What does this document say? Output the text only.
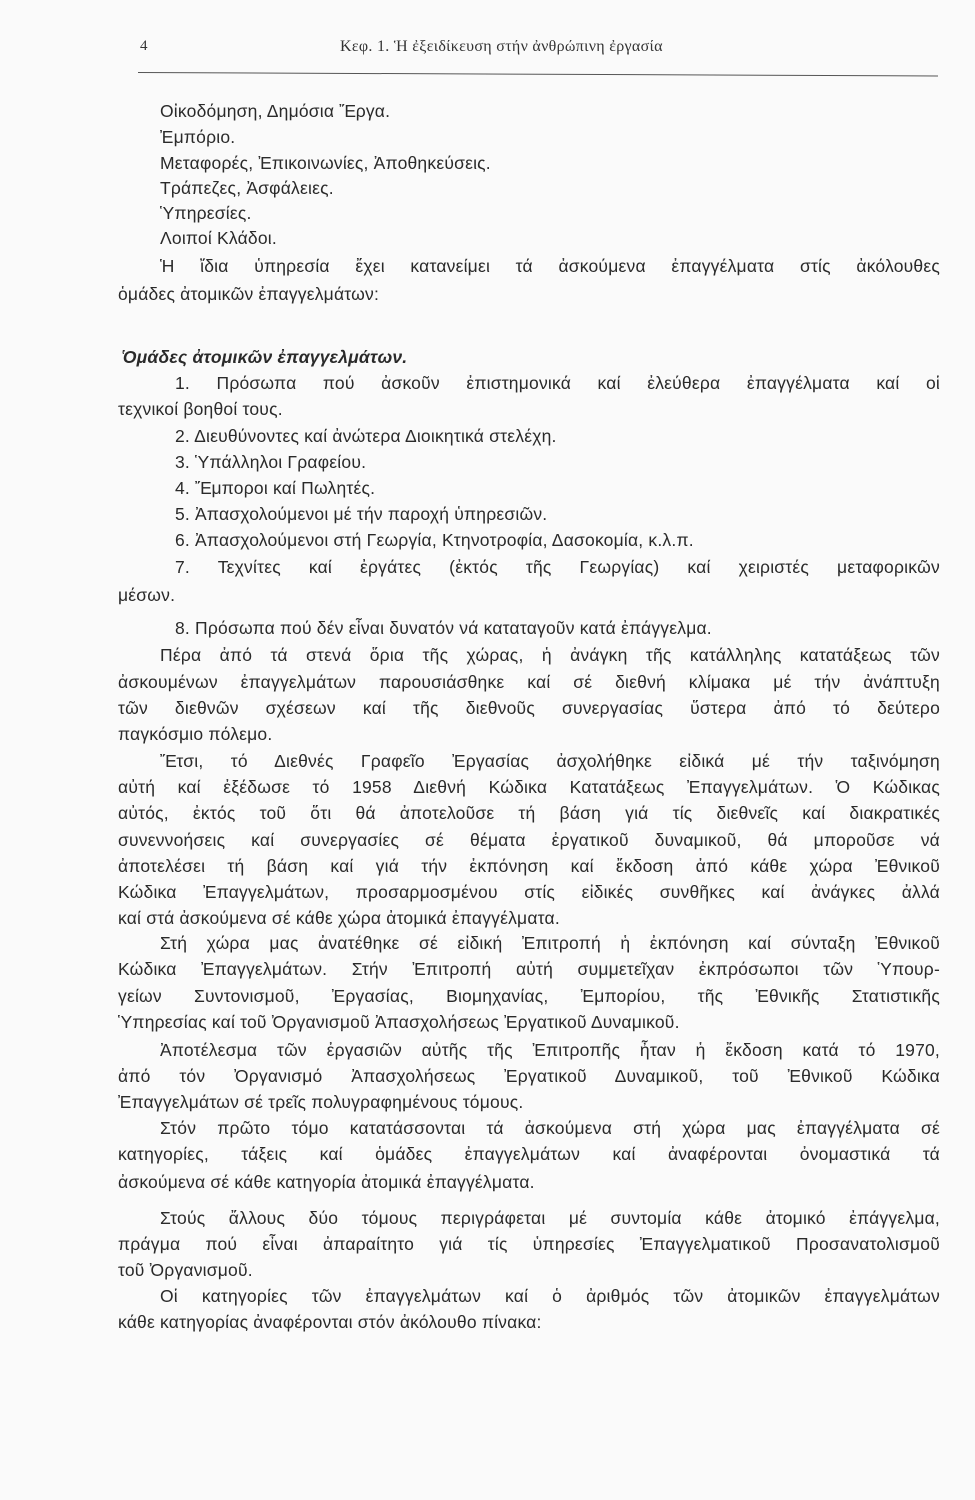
4	Κεφ. 1. Ἡ ἐξειδίκευση στήν ἀνθρώπινη ἐργασία
Οἰκοδόμηση, Δημόσια Ἔργα.
Ἐμπόριο.
Μεταφορές, Ἐπικοινωνίες, Ἀποθηκεύσεις.
Τράπεζες, Ἀσφάλειες.
Ὑπηρεσίες.
Λοιποί Κλάδοι.
Ἡ ἴδια ὑπηρεσία ἔχει κατανείμει τά ἀσκούμενα ἐπαγγέλματα στίς ἀκόλουθες
ὁμάδες ἀτομικῶν ἐπαγγελμάτων:
Ὁμάδες ἀτομικῶν ἐπαγγελμάτων.
1. Πρόσωπα πού ἀσκοῦν ἐπιστημονικά καί ἐλεύθερα ἐπαγγέλματα καί οἱ
τεχνικοί βοηθοί τους.
2. Διευθύνοντες καί ἀνώτερα Διοικητικά στελέχη.
3. Ὑπάλληλοι Γραφείου.
4. Ἔμποροι καί Πωλητές.
5. Ἀπασχολούμενοι μέ τήν παροχή ὑπηρεσιῶν.
6. Ἀπασχολούμενοι στή Γεωργία, Κτηνοτροφία, Δασοκομία, κ.λ.π.
7. Τεχνίτες καί ἐργάτες (ἐκτός τῆς Γεωργίας) καί χειριστές μεταφορικῶν
μέσων.
8. Πρόσωπα πού δέν εἶναι δυνατόν νά καταταγοῦν κατά ἐπάγγελμα.
Πέρα ἀπό τά στενά ὅρια τῆς χώρας, ἡ ἀνάγκη τῆς κατάλληλης κατατάξεως τῶν
ἀσκουμένων ἐπαγγελμάτων παρουσιάσθηκε καί σέ διεθνή κλίμακα μέ τήν ἀνάπτυξη
τῶν διεθνῶν σχέσεων καί τῆς διεθνοῦς συνεργασίας ὕστερα ἀπό τό δεύτερο
παγκόσμιο πόλεμο.
Ἔτσι, τό Διεθνές Γραφεῖο Ἐργασίας ἀσχολήθηκε εἰδικά μέ τήν ταξινόμηση
αὐτή καί ἐξέδωσε τό 1958 Διεθνή Κώδικα Κατατάξεως Ἐπαγγελμάτων. Ὁ Κώδικας
αὐτός, ἐκτός τοῦ ὅτι θά ἀποτελοῦσε τή βάση γιά τίς διεθνεῖς καί διακρατικές
συνεννοήσεις καί συνεργασίες σέ θέματα ἐργατικοῦ δυναμικοῦ, θά μποροῦσε νά
ἀποτελέσει τή βάση καί γιά τήν ἐκπόνηση καί ἔκδοση ἀπό κάθε χώρα Ἐθνικοῦ
Κώδικα Ἐπαγγελμάτων, προσαρμοσμένου στίς εἰδικές συνθῆκες καί ἀνάγκες ἀλλά
καί στά ἀσκούμενα σέ κάθε χώρα ἀτομικά ἐπαγγέλματα.
Στή χώρα μας ἀνατέθηκε σέ εἰδική Ἐπιτροπή ἡ ἐκπόνηση καί σύνταξη Ἐθνικοῦ
Κώδικα Ἐπαγγελμάτων. Στήν Ἐπιτροπή αὐτή συμμετεῖχαν ἐκπρόσωποι τῶν Ὑπουρ-
γείων Συντονισμοῦ, Ἐργασίας, Βιομηχανίας, Ἐμπορίου, τῆς Ἐθνικῆς Στατιστικῆς
Ὑπηρεσίας καί τοῦ Ὀργανισμοῦ Ἀπασχολήσεως Ἐργατικοῦ Δυναμικοῦ.
Ἀποτέλεσμα τῶν ἐργασιῶν αὐτῆς τῆς Ἐπιτροπῆς ἦταν ἡ ἔκδοση κατά τό 1970,
ἀπό τόν Ὀργανισμό Ἀπασχολήσεως Ἐργατικοῦ Δυναμικοῦ, τοῦ Ἐθνικοῦ Κώδικα
Ἐπαγγελμάτων σέ τρεῖς πολυγραφημένους τόμους.
Στόν πρῶτο τόμο κατατάσσονται τά ἀσκούμενα στή χώρα μας ἐπαγγέλματα σέ
κατηγορίες, τάξεις καί ὁμάδες ἐπαγγελμάτων καί ἀναφέρονται ὀνομαστικά τά
ἀσκούμενα σέ κάθε κατηγορία ἀτομικά ἐπαγγέλματα.
Στούς ἄλλους δύο τόμους περιγράφεται μέ συντομία κάθε ἀτομικό ἐπάγγελμα,
πράγμα πού εἶναι ἀπαραίτητο γιά τίς ὑπηρεσίες Ἐπαγγελματικοῦ Προσανατολισμοῦ
τοῦ Ὀργανισμοῦ.
Οἱ κατηγορίες τῶν ἐπαγγελμάτων καί ὁ ἀριθμός τῶν ἀτομικῶν ἐπαγγελμάτων
κάθε κατηγορίας ἀναφέρονται στόν ἀκόλουθο πίνακα:
